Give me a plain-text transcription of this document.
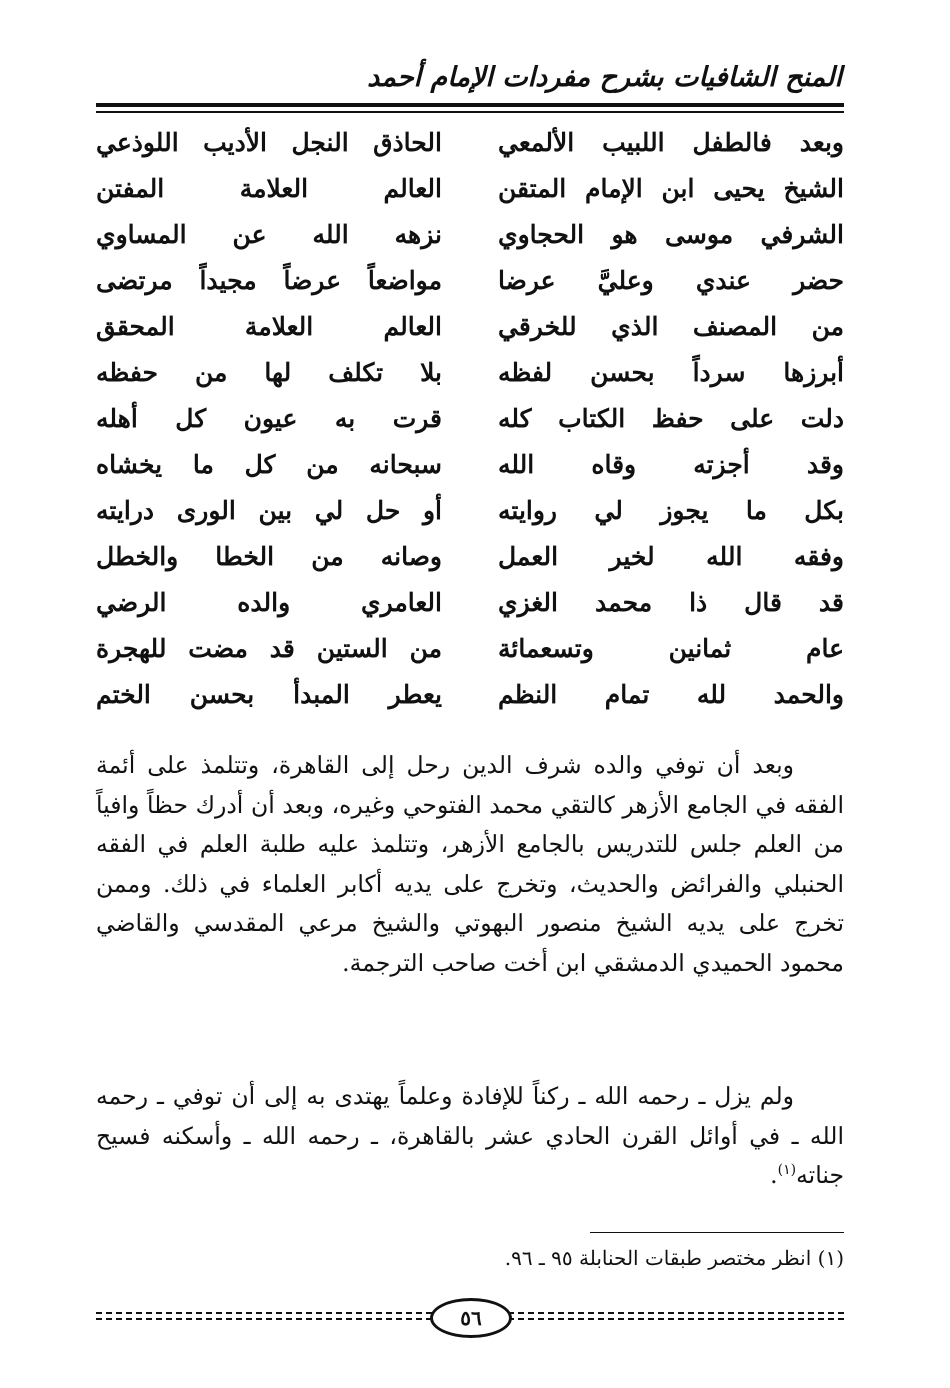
المنح الشافيات بشرح مفردات الإمام أحمد
وبعد فالطفل اللبيب الألمعي
الحاذق النجل الأديب اللوذعي
الشيخ يحيى ابن الإمام المتقن
العالم العلامة المفتن
الشرفي موسى هو الحجاوي
نزهه الله عن المساوي
حضر عندي وعليَّ عرضا
مواضعاً عرضاً مجيداً مرتضى
من المصنف الذي للخرقي
العالم العلامة المحقق
أبرزها سرداً بحسن لفظه
بلا تكلف لها من حفظه
دلت على حفظ الكتاب كله
قرت به عيون كل أهله
وقد أجزته وقاه الله
سبحانه من كل ما يخشاه
بكل ما يجوز لي روايته
أو حل لي بين الورى درايته
وفقه الله لخير العمل
وصانه من الخطا والخطل
قد قال ذا محمد الغزي
العامري والده الرضي
عام ثمانين وتسعمائة
من الستين قد مضت للهجرة
والحمد لله تمام النظم
يعطر المبدأ بحسن الختم

وبعد أن توفي والده شرف الدين رحل إلى القاهرة، وتتلمذ على أئمة الفقه في الجامع الأزهر كالتقي محمد الفتوحي وغيره، وبعد أن أدرك حظاً وافياً من العلم جلس للتدريس بالجامع الأزهر، وتتلمذ عليه طلبة العلم في الفقه الحنبلي والفرائض والحديث، وتخرج على يديه أكابر العلماء في ذلك. وممن تخرج على يديه الشيخ منصور البهوتي والشيخ مرعي المقدسي والقاضي محمود الحميدي الدمشقي ابن أخت صاحب الترجمة.

ولم يزل ـ رحمه الله ـ ركناً للإفادة وعلماً يهتدى به إلى أن توفي ـ رحمه الله ـ في أوائل القرن الحادي عشر بالقاهرة، ـ رحمه الله ـ وأسكنه فسيح جناته$^{(١)}$.

(١) انظر مختصر طبقات الحنابلة ٩٥ ـ ٩٦.
٥٦
